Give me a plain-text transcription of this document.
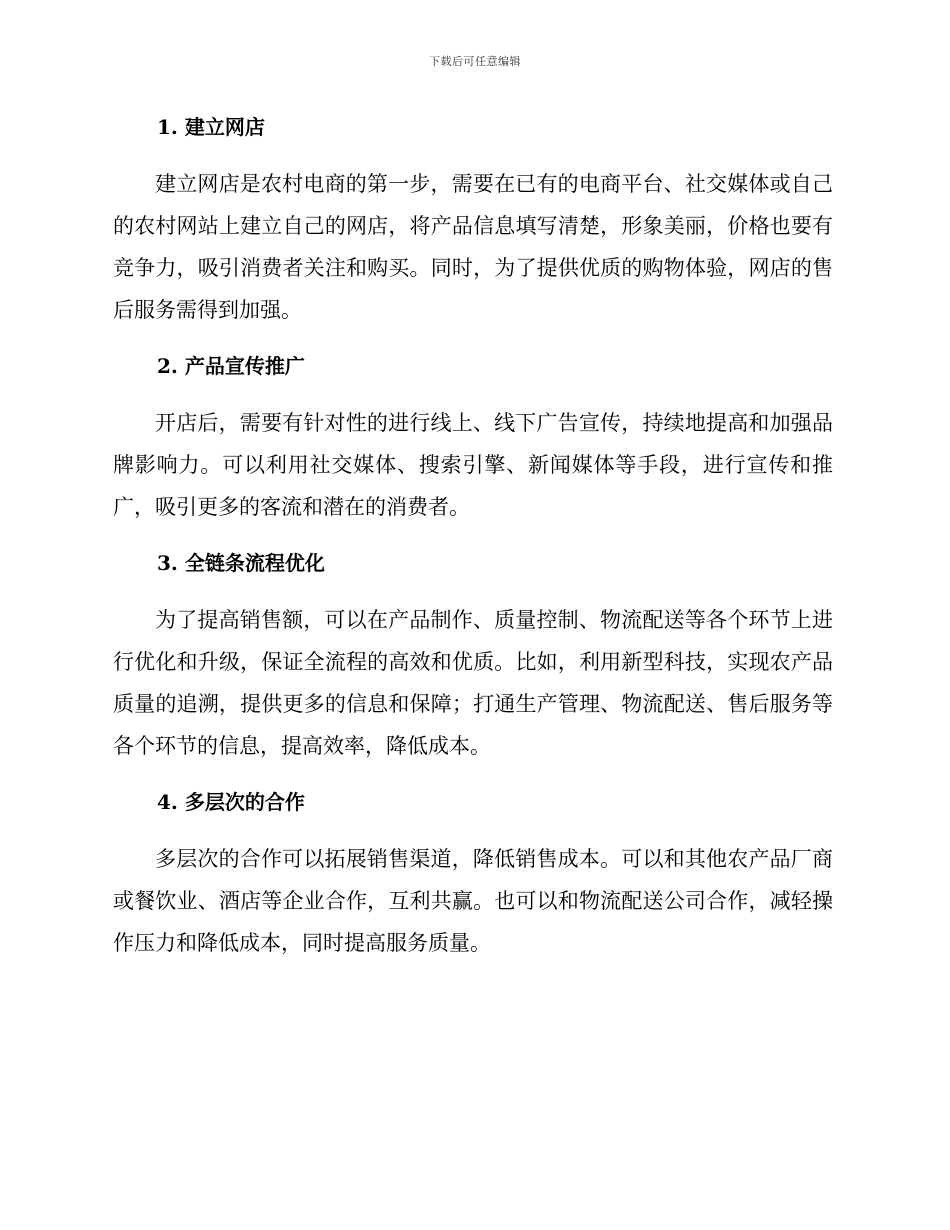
下载后可任意编辑
1. 建立网店

建立网店是农村电商的第一步，需要在已有的电商平台、社交媒体或自己的农村网站上建立自己的网店，将产品信息填写清楚，形象美丽，价格也要有竞争力，吸引消费者关注和购买。同时，为了提供优质的购物体验，网店的售后服务需得到加强。

2. 产品宣传推广

开店后，需要有针对性的进行线上、线下广告宣传，持续地提高和加强品牌影响力。可以利用社交媒体、搜索引擎、新闻媒体等手段，进行宣传和推广，吸引更多的客流和潜在的消费者。

3. 全链条流程优化

为了提高销售额，可以在产品制作、质量控制、物流配送等各个环节上进行优化和升级，保证全流程的高效和优质。比如，利用新型科技，实现农产品质量的追溯，提供更多的信息和保障；打通生产管理、物流配送、售后服务等各个环节的信息，提高效率，降低成本。

4. 多层次的合作

多层次的合作可以拓展销售渠道，降低销售成本。可以和其他农产品厂商或餐饮业、酒店等企业合作，互利共赢。也可以和物流配送公司合作，减轻操作压力和降低成本，同时提高服务质量。
